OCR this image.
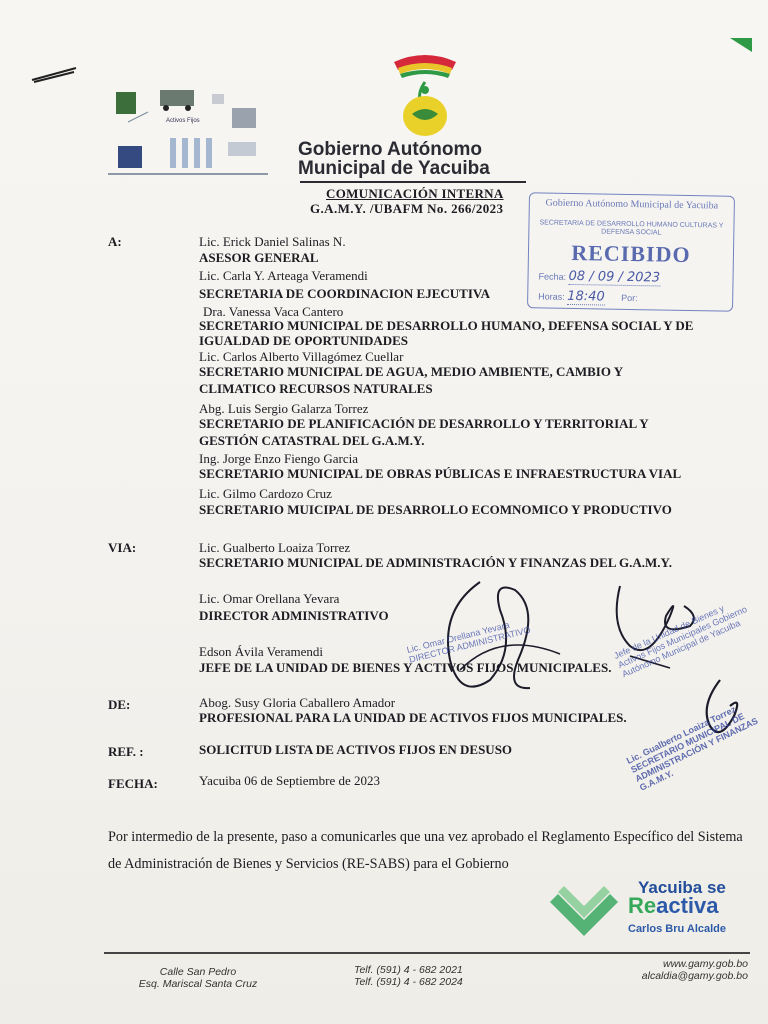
Activos Fijos
Gobierno Autónomo
Municipal de Yacuiba
COMUNICACIÓN INTERNA
G.A.M.Y. /UBAFM No. 266/2023	Gobierno Autónomo Municipal de Yacuiba
SECRETARIA DE DESARROLLO HUMANO CULTURAS Y DEFENSA SOCIAL
RECIBIDO
Fecha: 08 / 09 / 2023
Horas: 18:40 Por:
A:	Lic. Erick Daniel Salinas N.
ASESOR GENERAL
Lic. Carla Y. Arteaga Veramendi
SECRETARIA DE COORDINACION EJECUTIVA
Dra. Vanessa Vaca Cantero
SECRETARIO MUNICIPAL DE DESARROLLO HUMANO, DEFENSA SOCIAL Y DE
IGUALDAD DE OPORTUNIDADES
Lic. Carlos Alberto Villagómez Cuellar
SECRETARIO MUNICIPAL DE AGUA, MEDIO AMBIENTE, CAMBIO Y
CLIMATICO RECURSOS NATURALES
Abg. Luis Sergio Galarza Torrez
SECRETARIO DE PLANIFICACIÓN DE DESARROLLO Y TERRITORIAL Y
GESTIÓN CATASTRAL DEL G.A.M.Y.
Ing. Jorge Enzo Fiengo Garcia
SECRETARIO MUNICIPAL DE OBRAS PÚBLICAS E INFRAESTRUCTURA VIAL
Lic. Gilmo Cardozo Cruz
SECRETARIO MUICIPAL DE DESARROLLO ECOMNOMICO Y PRODUCTIVO
VIA:	Lic. Gualberto Loaiza Torrez
SECRETARIO MUNICIPAL DE ADMINISTRACIÓN Y FINANZAS DEL G.A.M.Y.
Lic. Omar Orellana Yevara
DIRECTOR ADMINISTRATIVO
Edson Ávila Veramendi
JEFE DE LA UNIDAD DE BIENES Y ACTIVOS FIJOS MUNICIPALES.
DE:	Abog. Susy Gloria Caballero Amador
PROFESIONAL PARA LA UNIDAD DE ACTIVOS FIJOS MUNICIPALES.
REF. :	SOLICITUD LISTA DE ACTIVOS FIJOS EN DESUSO
FECHA:	Yacuiba 06 de Septiembre de 2023
Lic. Omar Orellana Yevara DIRECTOR ADMINISTRATIVO	Jefe de la Unidad de Bienes y Activos Fijos Municipales Gobierno Autónomo Municipal de Yacuiba
Lic. Gualberto Loaiza Torrez SECRETARIO MUNICIPAL DE ADMINISTRACIÓN Y FINANZAS G.A.M.Y.
Por intermedio de la presente, paso a comunicarles que una vez aprobado el Reglamento Específico del Sistema de Administración de Bienes y Servicios (RE-SABS) para el Gobierno
Yacuiba se
Reactiva
Carlos Bru Alcalde
Calle San Pedro
Esq. Mariscal Santa Cruz
Telf. (591) 4 - 682 2021
Telf. (591) 4 - 682 2024
www.gamy.gob.bo
alcaldia@gamy.gob.bo
